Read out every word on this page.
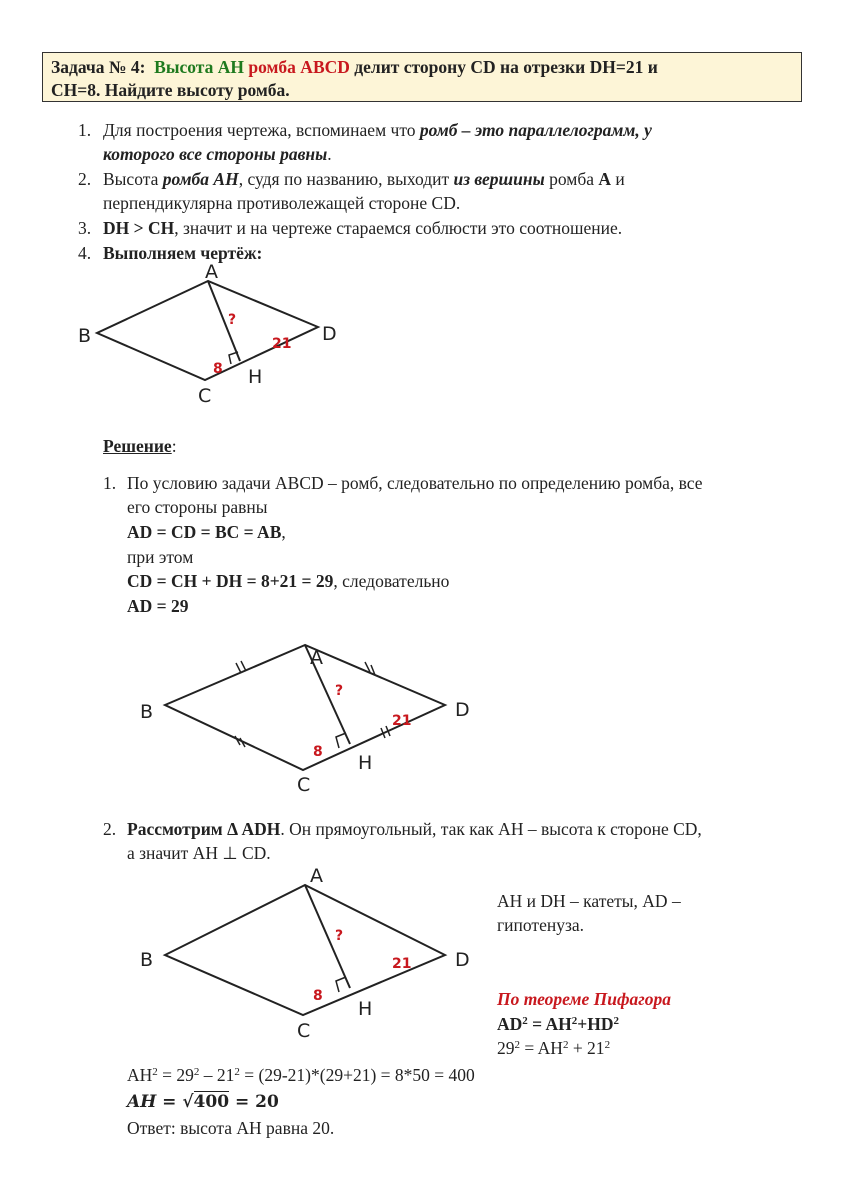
Задача № 4: Высота AH ромба ABCD делит сторону CD на отрезки DH=21 и
CH=8. Найдите высоту ромба.
1. Для построения чертежа, вспоминаем что ромб – это параллелограмм, у
которого все стороны равны.
2. Высота ромба AH, судя по названию, выходит из вершины ромба A и
перпендикулярна противолежащей стороне CD.
3. DH > CH, значит и на чертеже стараемся соблюсти это соотношение.
4. Выполняем чертёж:
A
B
C
D
H
?
8
21
A
B
C
D
H
?
8
21
A
B
C
D
H
?
8
21
Решение:
1. По условию задачи ABCD – ромб, следовательно по определению ромба, все
его стороны равны
AD = CD = BC = AB,
при этом
CD = CH + DH = 8+21 = 29, следовательно
AD = 29
2. Рассмотрим Δ ADH. Он прямоугольный, так как AH – высота к стороне CD,
а значит AH ⊥ CD.
AH и DH – катеты, AD –
гипотенуза.
По теореме Пифагора
$AD^2 = AH^2+HD^2$
$29^2 = AH^2 + 21^2$
$AH^2 = 29^2 - 21^2 = (29-21)*(29+21) = 8*50 = 400$
AH = √400 = 20
Ответ: высота AH равна 20.
